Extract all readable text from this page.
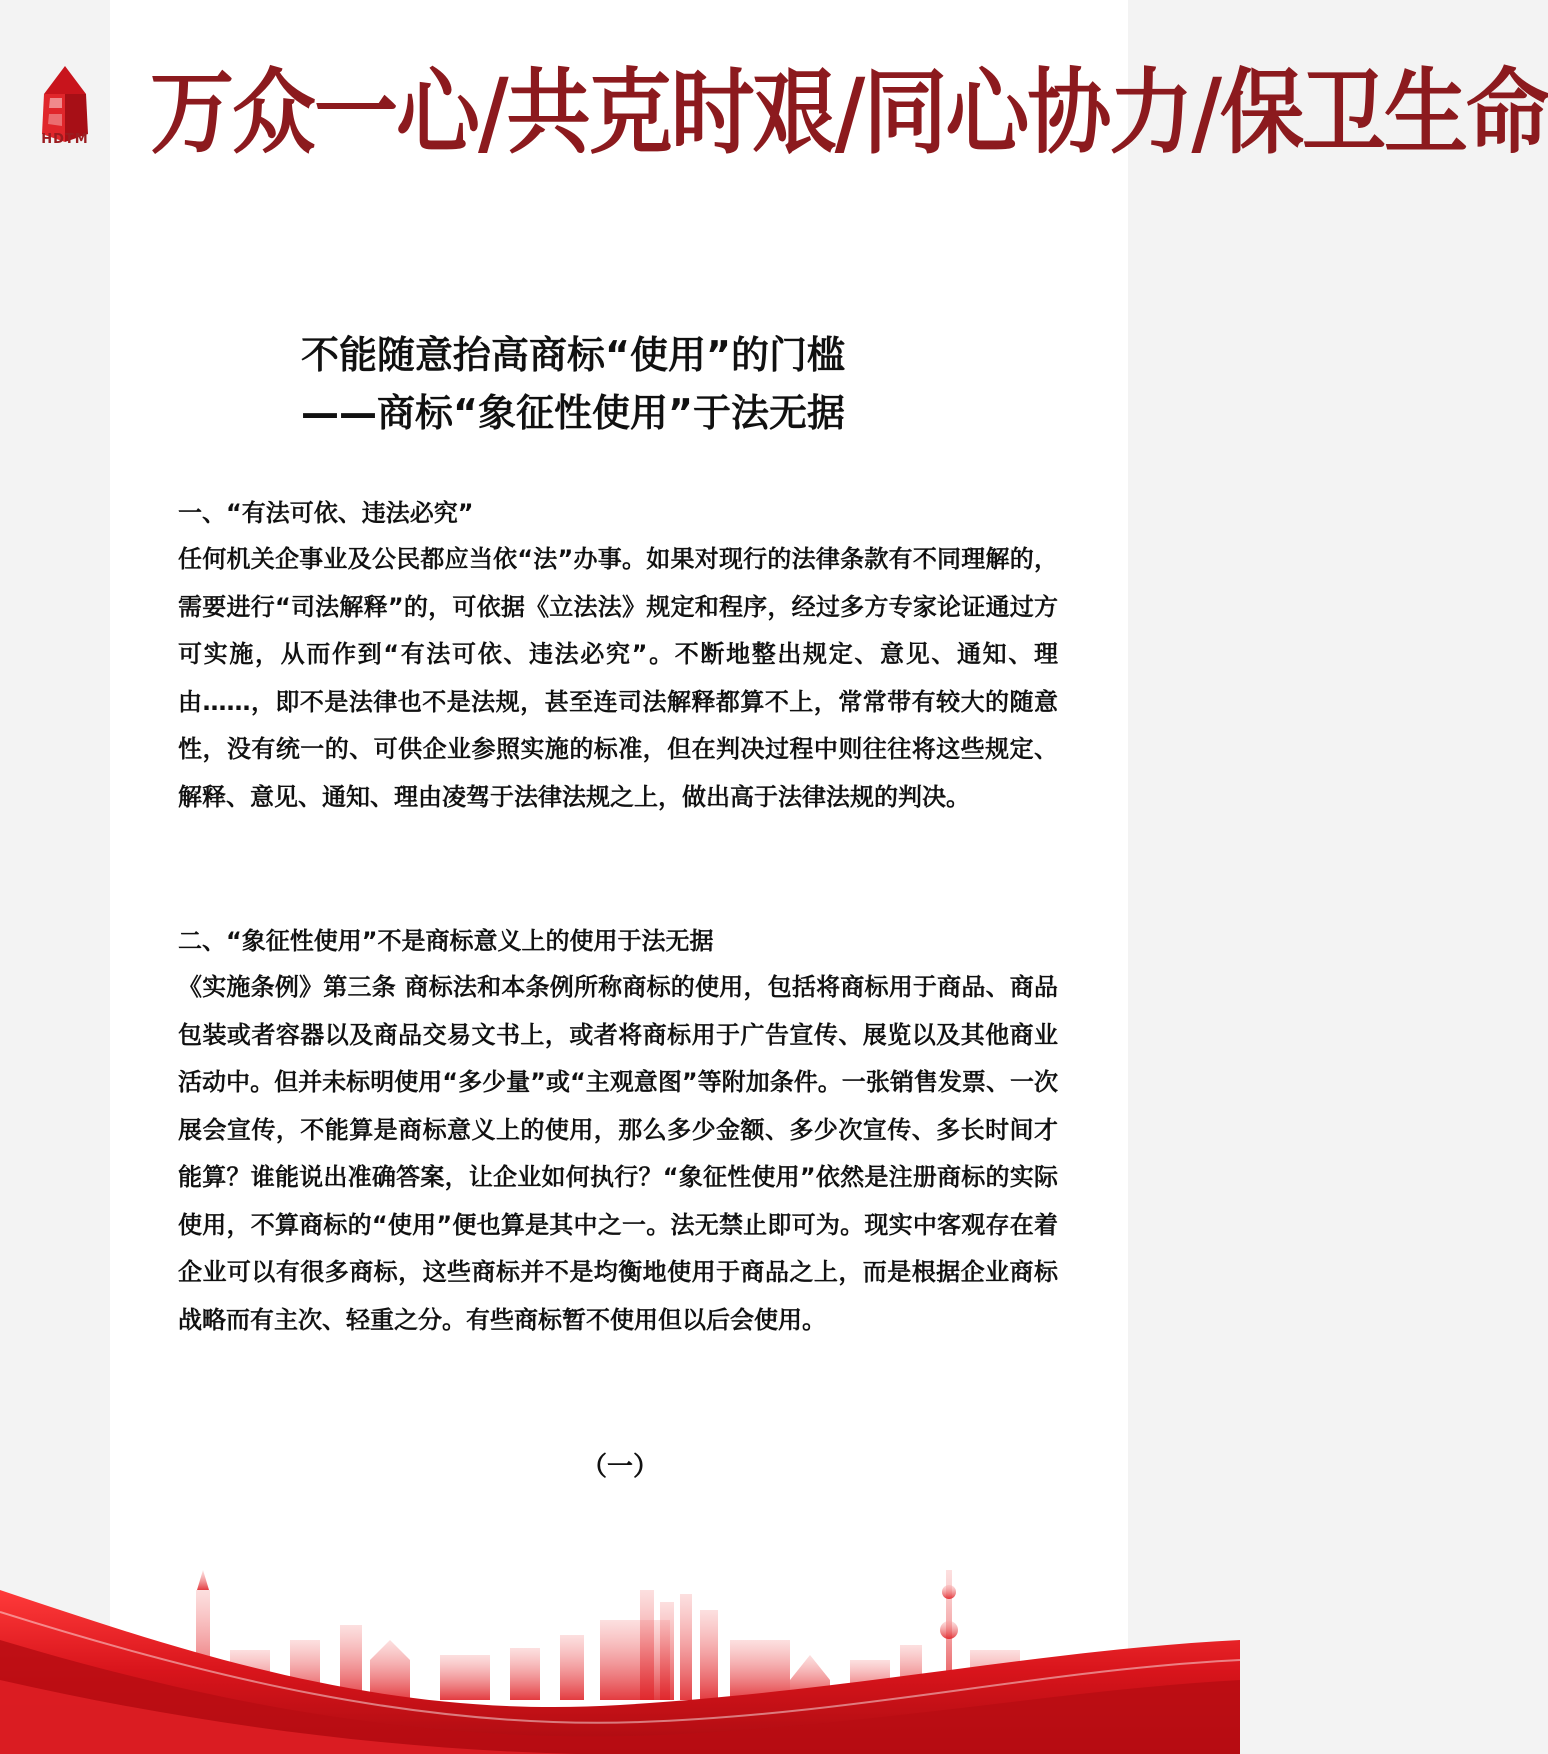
HDTM 万众一心/共克时艰/同心协力/保卫生命
不能随意抬高商标“使用”的门槛
——商标“象征性使用”于法无据
一、“有法可依、违法必究”

任何机关企事业及公民都应当依“法”办事。如果对现行的法律条款有不同理解的，需要进行“司法解释”的，可依据《立法法》规定和程序，经过多方专家论证通过方可实施，从而作到“有法可依、违法必究”。不断地整出规定、意见、通知、理由……，即不是法律也不是法规，甚至连司法解释都算不上，常常带有较大的随意性，没有统一的、可供企业参照实施的标准，但在判决过程中则往往将这些规定、解释、意见、通知、理由凌驾于法律法规之上，做出高于法律法规的判决。

二、“象征性使用”不是商标意义上的使用于法无据

《实施条例》第三条 商标法和本条例所称商标的使用，包括将商标用于商品、商品包装或者容器以及商品交易文书上，或者将商标用于广告宣传、展览以及其他商业活动中。但并未标明使用“多少量”或“主观意图”等附加条件。一张销售发票、一次展会宣传，不能算是商标意义上的使用，那么多少金额、多少次宣传、多长时间才能算？谁能说出准确答案，让企业如何执行？“象征性使用”依然是注册商标的实际使用，不算商标的“使用”便也算是其中之一。法无禁止即可为。现实中客观存在着企业可以有很多商标，这些商标并不是均衡地使用于商品之上，而是根据企业商标战略而有主次、轻重之分。有些商标暂不使用但以后会使用。

（一）
